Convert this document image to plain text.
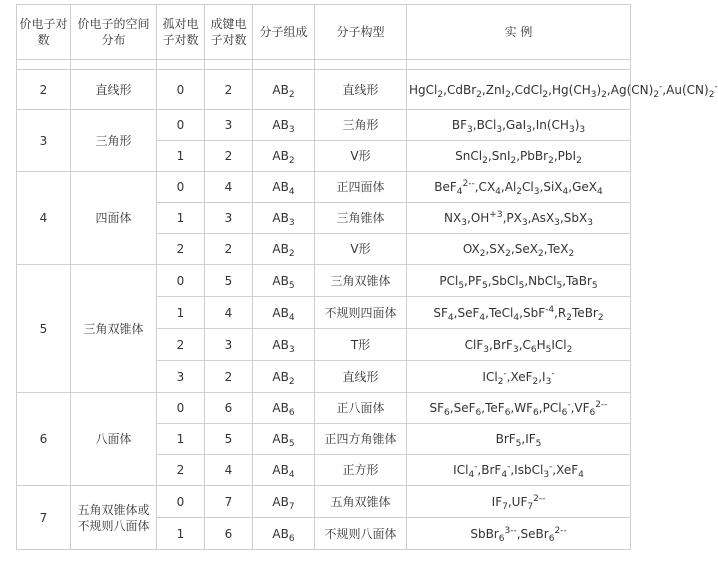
价电子对数	价电子的空间分布	孤对电子对数	成键电子对数	分子组成	分子构型	实 例

2	直线形	0	2	$AB_2$	直线形	$HgCl_2,CdBr_2,ZnI_2,CdCl_2,Hg(CH_3)_2,Ag(CN)_2^-,Au(CN)_2^-$
3	三角形	0	3	$AB_3$	三角形	$BF_3,BCl_3,GaI_3,In(CH_3)_3$
		1	2	$AB_2$	V形	SnCl$_2$,SnI$_2$,PbBr$_2$,PbI$_2$
4	四面体	0	4	$AB_4$	正四面体	$BeF_4^{2--},CX_4,Al_2Cl_3,SiX_4,GeX_4$
		1	3	$AB_3$	三角锥体	$NX_3,OH^{+3},PX_3,AsX_3,SbX_3$
		2	2	$AB_2$	V形	$OX_2,SX_2,SeX_2,TeX_2$
5	三角双锥体	0	5	$AB_5$	三角双锥体	$PCl_5,PF_5,SbCl_5,NbCl_5,TaBr_5$
		1	4	$AB_4$	不规则四面体	$SF_4,SeF_4,TeCl_4,SbF^{-4},R_2TeBr_2$
		2	3	$AB_3$	T形	$ClF_3,BrF_3,C_6H_5ICl_2$
		3	2	$AB_2$	直线形	$ICl_2^-,XeF_2,I_3^-$
6	八面体	0	6	$AB_6$	正八面体	$SF_6,SeF_6,TeF_6,WF_6,PCl_6^-,VF_6^{2--}$
		1	5	$AB_5$	正四方角锥体	$BrF_5,IF_5$
		2	4	$AB_4$	正方形	ICl$_4$-,BrF$_4$-,IsbCl$_3$-,XeF$_4$
7	五角双锥体或不规则八面体	0	7	$AB_7$	五角双锥体	$IF_7,UF_7^{2--}$
		1	6	$AB_6$	不规则八面体	SbBr$_6^{3--}$,SeBr$_6^{2--}$
